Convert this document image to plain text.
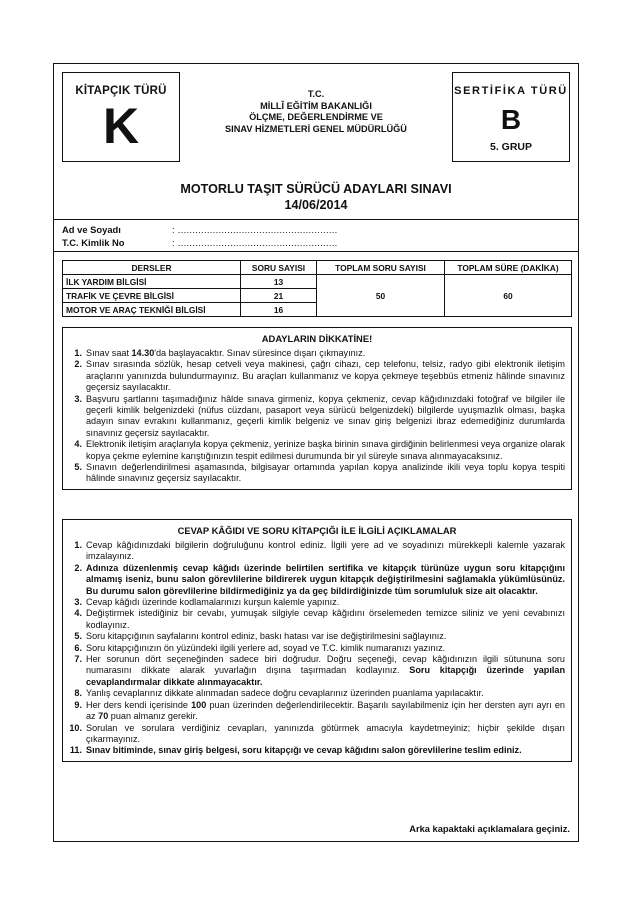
KİTAPÇIK TÜRÜ
K
T.C.
MİLLÎ EĞİTİM BAKANLIĞI
ÖLÇME, DEĞERLENDİRME VE
SINAV HİZMETLERİ GENEL MÜDÜRLÜĞÜ
SERTİFİKA TÜRÜ
B
5. GRUP
MOTORLU TAŞIT SÜRÜCÜ ADAYLARI SINAVI
14/06/2014
Ad ve Soyadı	: .......................................................
T.C. Kimlik No	: .......................................................
DERSLER	SORU SAYISI	TOPLAM SORU SAYISI	TOPLAM SÜRE (DAKİKA)
İLK YARDIM BİLGİSİ	13	50	60
TRAFİK VE ÇEVRE BİLGİSİ	21		
MOTOR VE ARAÇ TEKNİĞİ BİLGİSİ	16		
ADAYLARIN DİKKATİNE!
1. Sınav saat 14.30'da başlayacaktır. Sınav süresince dışarı çıkmayınız.
2. Sınav sırasında sözlük, hesap cetveli veya makinesi, çağrı cihazı, cep telefonu, telsiz, radyo gibi elektronik iletişim araçlarını yanınızda bulundurmayınız. Bu araçları kullanmanız ve kopya çekmeye teşebbüs etmeniz hâlinde sınavınız geçersiz sayılacaktır.
3. Başvuru şartlarını taşımadığınız hâlde sınava girmeniz, kopya çekmeniz, cevap kâğıdınızdaki fotoğraf ve bilgiler ile geçerli kimlik belgenizdeki (nüfus cüzdanı, pasaport veya sürücü belgenizdeki) bilgilerde uyuşmazlık olması, başka adayın sınav evrakını kullanmanız, geçerli kimlik belgeniz ve sınav giriş belgenizi ibraz edemediğiniz durumlarda sınavınız geçersiz sayılacaktır.
4. Elektronik iletişim araçlarıyla kopya çekmeniz, yerinize başka birinin sınava girdiğinin belirlenmesi veya organize olarak kopya çekme eylemine karıştığınızın tespit edilmesi durumunda bir yıl süreyle sınava alınmayacaksınız.
5. Sınavın değerlendirilmesi aşamasında, bilgisayar ortamında yapılan kopya analizinde ikili veya toplu kopya tespiti hâlinde sınavınız geçersiz sayılacaktır.
CEVAP KÂĞIDI VE SORU KİTAPÇIĞI İLE İLGİLİ AÇIKLAMALAR
1. Cevap kâğıdınızdaki bilgilerin doğruluğunu kontrol ediniz. İlgili yere ad ve soyadınızı mürekkepli kalemle yazarak imzalayınız.
2. Adınıza düzenlenmiş cevap kâğıdı üzerinde belirtilen sertifika ve kitapçık türünüze uygun soru kitapçığını almamış iseniz, bunu salon görevlilerine bildirerek uygun kitapçık değiştirilmesini sağlamakla yükümlüsünüz. Bu durumu salon görevlilerine bildirmediğiniz ya da geç bildirdiğinizde tüm sorumluluk size ait olacaktır.
3. Cevap kâğıdı üzerinde kodlamalarınızı kurşun kalemle yapınız.
4. Değiştirmek istediğiniz bir cevabı, yumuşak silgiyle cevap kâğıdını örselemeden temizce siliniz ve yeni cevabınızı kodlayınız.
5. Soru kitapçığının sayfalarını kontrol ediniz, baskı hatası var ise değiştirilmesini sağlayınız.
6. Soru kitapçığınızın ön yüzündeki ilgili yerlere ad, soyad ve T.C. kimlik numaranızı yazınız.
7. Her sorunun dört seçeneğinden sadece biri doğrudur. Doğru seçeneği, cevap kâğıdınızın ilgili sütununa soru numarasını dikkate alarak yuvarlağın dışına taşırmadan kodlayınız. Soru kitapçığı üzerinde yapılan cevaplandırmalar dikkate alınmayacaktır.
8. Yanlış cevaplarınız dikkate alınmadan sadece doğru cevaplarınız üzerinden puanlama yapılacaktır.
9. Her ders kendi içerisinde 100 puan üzerinden değerlendirilecektir. Başarılı sayılabilmeniz için her dersten ayrı ayrı en az 70 puan almanız gerekir.
10. Sorulan ve sorulara verdiğiniz cevapları, yanınızda götürmek amacıyla kaydetmeyiniz; hiçbir şekilde dışarı çıkarmayınız.
11. Sınav bitiminde, sınav giriş belgesi, soru kitapçığı ve cevap kâğıdını salon görevlilerine teslim ediniz.
Arka kapaktaki açıklamalara geçiniz.
